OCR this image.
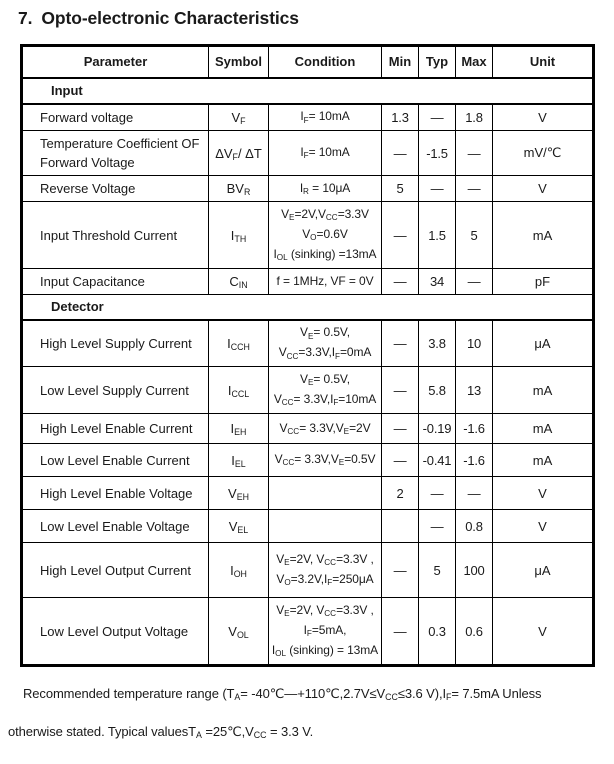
7. Opto-electronic Characteristics
Parameter	Symbol	Condition	Min	Typ	Max	Unit
Input						

Forward voltage	VF	IF= 10mA	1.3	—	1.8	V

Temperature Coefficient OF
Forward Voltage	ΔVF/ ΔT	IF= 10mA	—	-1.5	—	mV/℃

Reverse Voltage	BVR	IR = 10μA	5	—	—	V

Input Threshold Current	ITH	VE=2V,VCC=3.3V
VO=0.6V
IOL (sinking) =13mA	—	1.5	5	mA

Input Capacitance	CIN	f = 1MHz, VF = 0V	—	34	—	pF
Detector						

High Level Supply Current	ICCH	VE= 0.5V,
VCC=3.3V,IF=0mA	—	3.8	10	μA

Low Level Supply Current	ICCL	VE= 0.5V,
VCC= 3.3V,IF=10mA	—	5.8	13	mA

High Level Enable Current	IEH	VCC= 3.3V,VE=2V	—	-0.19	-1.6	mA

Low Level Enable Current	IEL	VCC= 3.3V,VE=0.5V	—	-0.41	-1.6	mA

High Level Enable Voltage	VEH		2	—	—	V

Low Level Enable Voltage	VEL			—	0.8	V

High Level Output Current	IOH	VE=2V, VCC=3.3V ,
VO=3.2V,IF=250μA	—	5	100	μA

Low Level Output Voltage	VOL	VE=2V, VCC=3.3V ,
IF=5mA,
IOL (sinking) = 13mA	—	0.3	0.6	V

Recommended temperature range (TA= -40℃—+110℃,2.7V≤VCC≤3.6 V),IF= 7.5mA Unless

otherwise stated. Typical valuesTA =25℃,VCC = 3.3 V.
